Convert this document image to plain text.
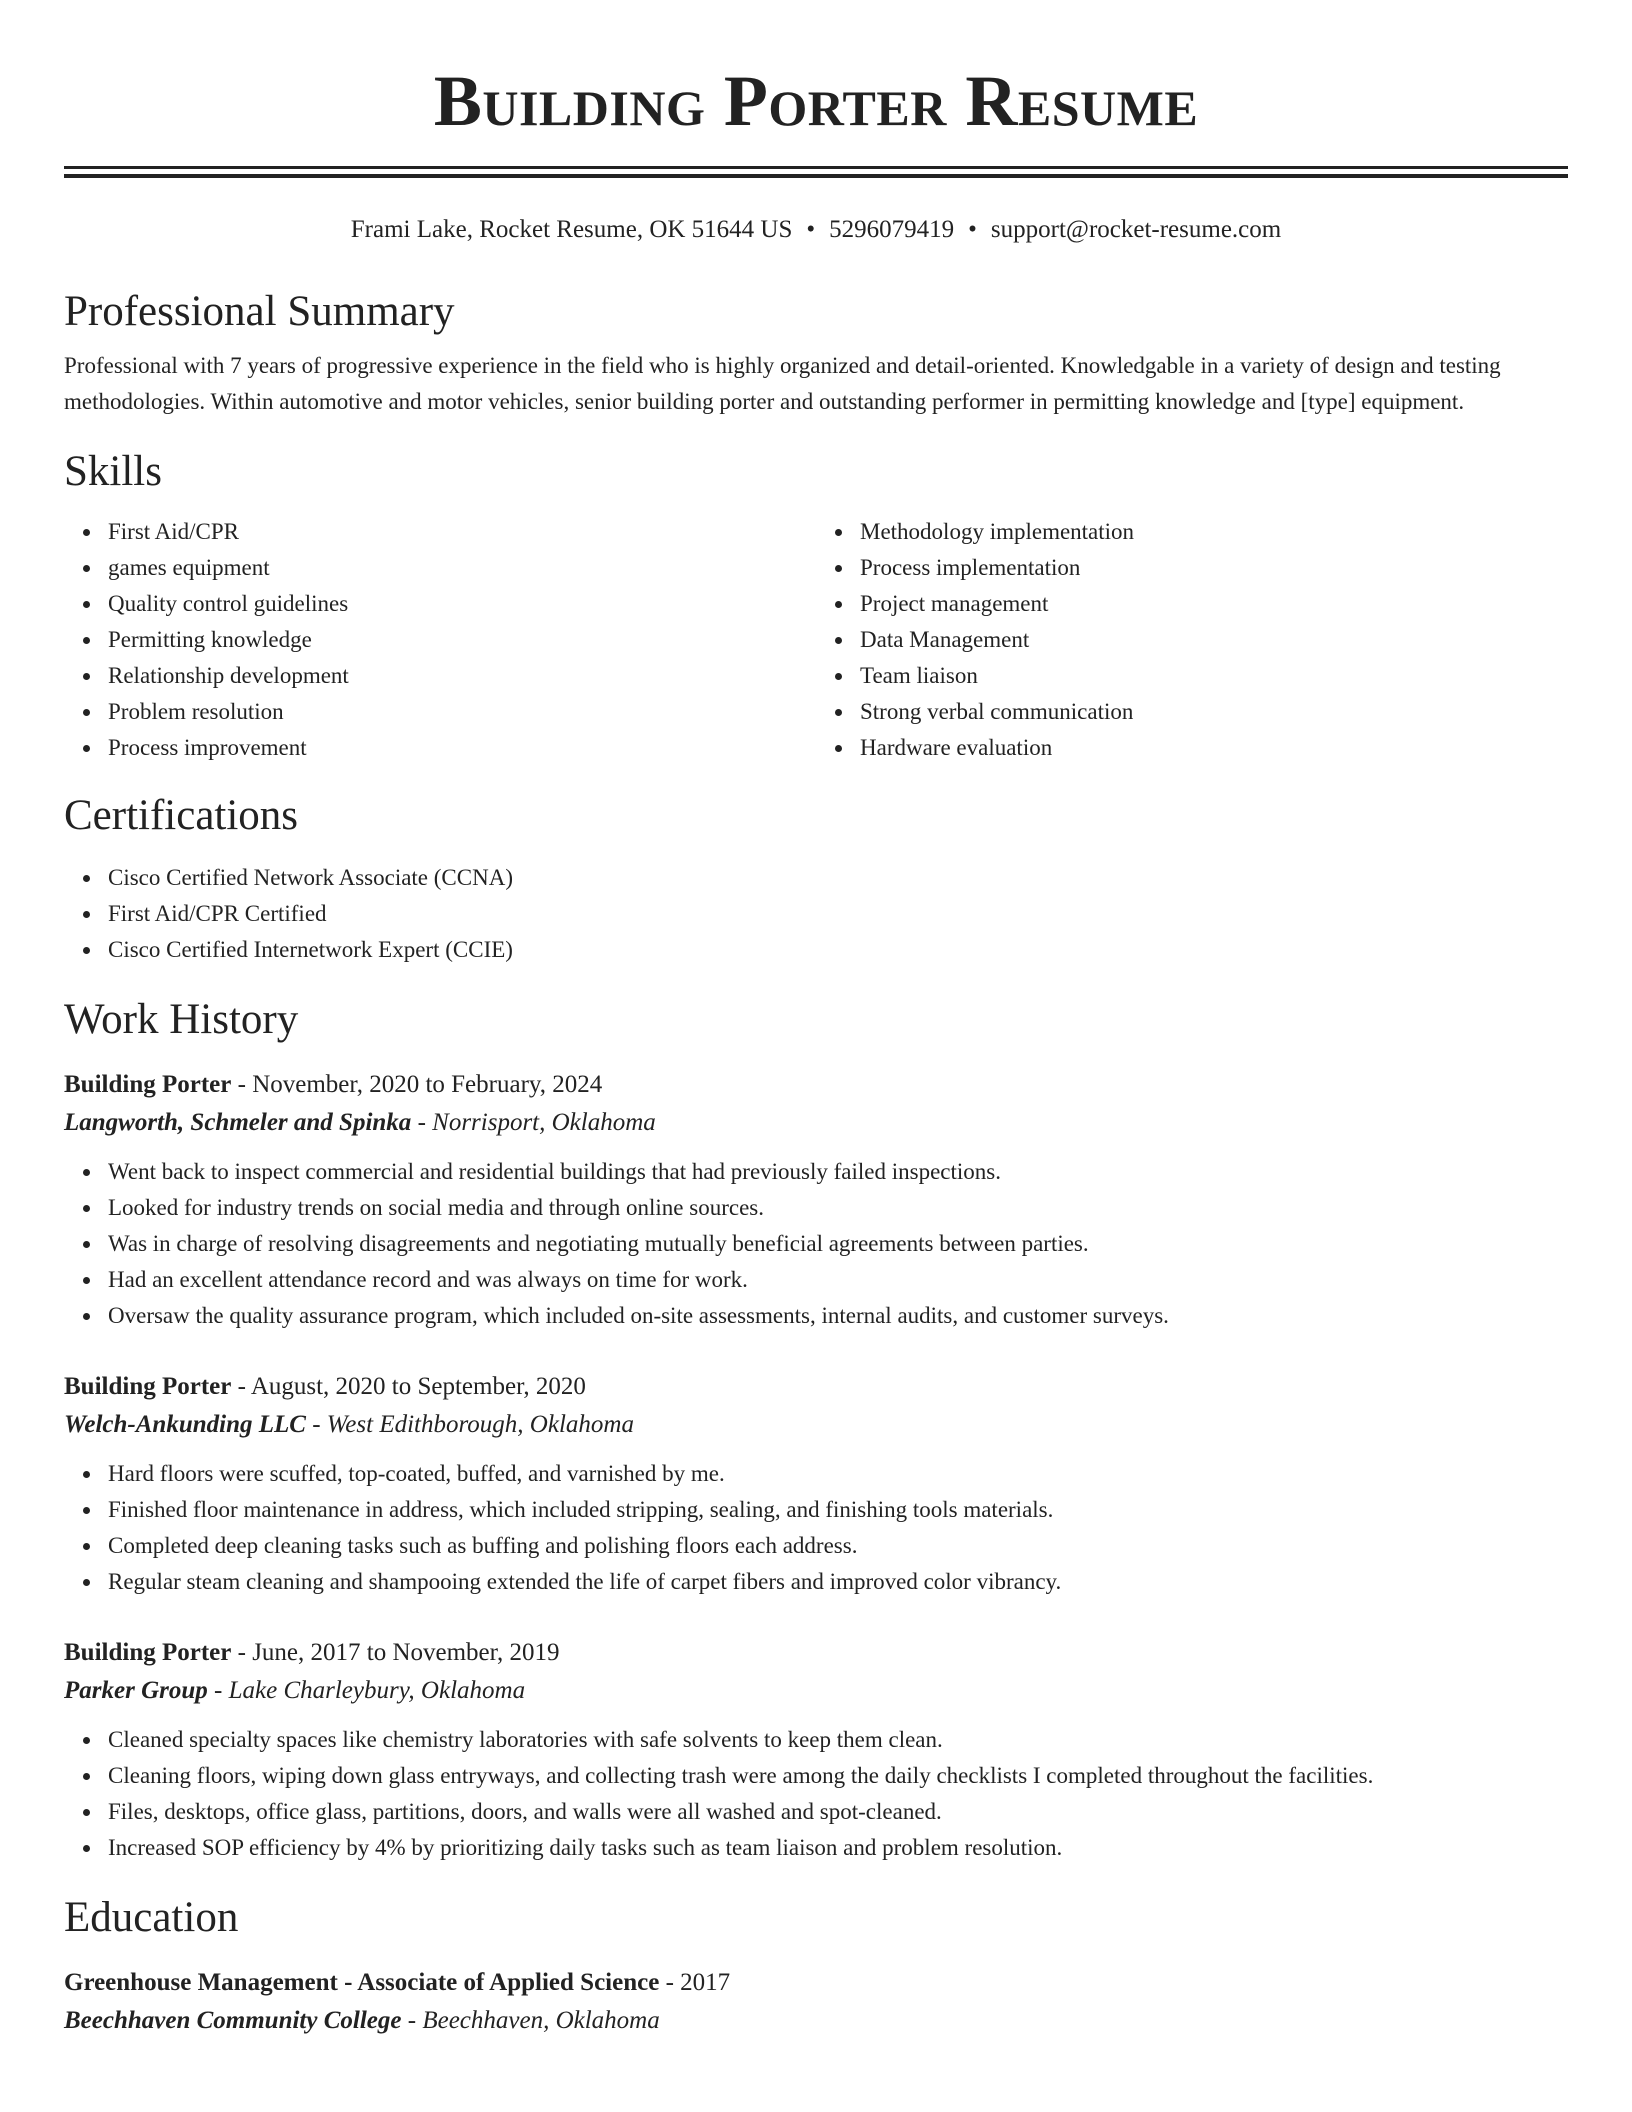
Building Porter Resume
Frami Lake, Rocket Resume, OK 51644 US • 5296079419 • support@rocket-resume.com
Professional Summary

Professional with 7 years of progressive experience in the field who is highly organized and detail-oriented. Knowledgable in a variety of design and testing methodologies. Within automotive and motor vehicles, senior building porter and outstanding performer in permitting knowledge and [type] equipment.

Skills
First Aid/CPR
games equipment
Quality control guidelines
Permitting knowledge
Relationship development
Problem resolution
Process improvement
Methodology implementation
Process implementation
Project management
Data Management
Team liaison
Strong verbal communication
Hardware evaluation
Certifications
Cisco Certified Network Associate (CCNA)
First Aid/CPR Certified
Cisco Certified Internetwork Expert (CCIE)
Work History
Building Porter - November, 2020 to February, 2024
Langworth, Schmeler and Spinka - Norrisport, Oklahoma
Went back to inspect commercial and residential buildings that had previously failed inspections.
Looked for industry trends on social media and through online sources.
Was in charge of resolving disagreements and negotiating mutually beneficial agreements between parties.
Had an excellent attendance record and was always on time for work.
Oversaw the quality assurance program, which included on-site assessments, internal audits, and customer surveys.
Building Porter - August, 2020 to September, 2020
Welch-Ankunding LLC - West Edithborough, Oklahoma
Hard floors were scuffed, top-coated, buffed, and varnished by me.
Finished floor maintenance in address, which included stripping, sealing, and finishing tools materials.
Completed deep cleaning tasks such as buffing and polishing floors each address.
Regular steam cleaning and shampooing extended the life of carpet fibers and improved color vibrancy.
Building Porter - June, 2017 to November, 2019
Parker Group - Lake Charleybury, Oklahoma
Cleaned specialty spaces like chemistry laboratories with safe solvents to keep them clean.
Cleaning floors, wiping down glass entryways, and collecting trash were among the daily checklists I completed throughout the facilities.
Files, desktops, office glass, partitions, doors, and walls were all washed and spot-cleaned.
Increased SOP efficiency by 4% by prioritizing daily tasks such as team liaison and problem resolution.
Education
Greenhouse Management - Associate of Applied Science - 2017
Beechhaven Community College - Beechhaven, Oklahoma
